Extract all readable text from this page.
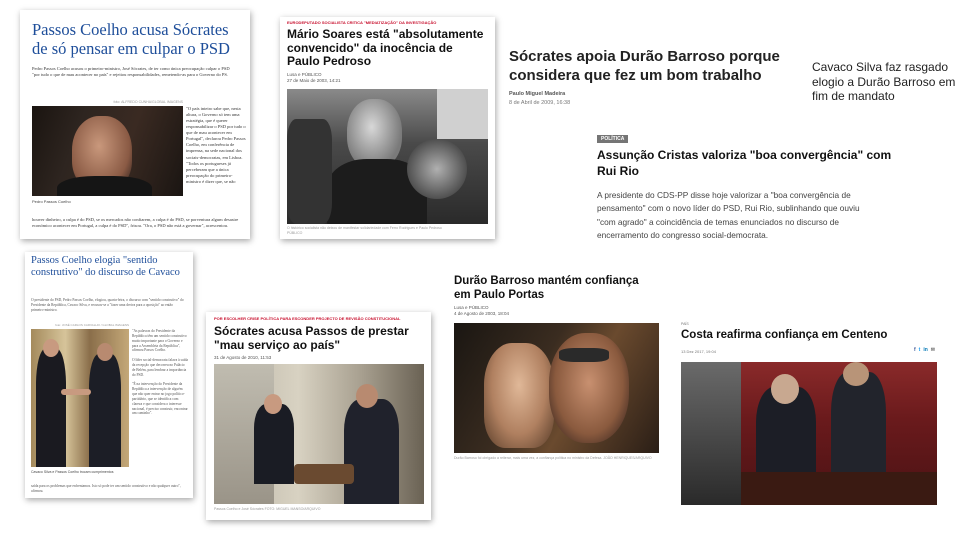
Passos Coelho acusa Sócrates de só pensar em culpar o PSD
Pedro Passos Coelho acusou o primeiro-ministro, José Sócrates, de ter como única preocupação culpar o PSD "por tudo o que de mau acontecer no país" e rejeitou responsabilidades, remetendo-as para o Governo do PS.
foto: ALFREDO CUNHA/GLOBAL IMAGENS
Pedro Passos Coelho
"O país inteiro sabe que, nesta altura, o Governo só tem uma estratégia, que é querer responsabilizar o PSD por tudo o que de mau acontecer em Portugal", declarou Pedro Passos Coelho, em conferência de imprensa, na sede nacional dos sociais-democratas, em Lisboa.
"Todos os portugueses já perceberam que a única preocupação do primeiro-ministro é dizer que, se não
houver dinheiro, a culpa é do PSD, se os mercados não confiarem, a culpa é do PSD, se porventura algum desastre económico acontecer em Portugal, a culpa é do PSD", frisou. "Ora, o PSD não está a governar", acrescentou.
EURODEPUTADO SOCIALISTA CRITICA "MEDIATIZAÇÃO" DA INVESTIGAÇÃO
Mário Soares está "absolutamente convencido" da inocência de Paulo Pedroso
Lusa e PÚBLICO
27 de Maio de 2003, 14:21
O histórico socialista não deixou de manifestar solidariedade com Ferro Rodrigues e Paulo Pedroso
PÚBLICO
Sócrates apoia Durão Barroso porque considera que fez um bom trabalho
Paulo Miguel Madeira
8 de Abril de 2009, 16:38
Cavaco Silva faz rasgado elogio a Durão Barroso em fim de mandato
POLÍTICA
Assunção Cristas valoriza "boa convergência" com Rui Rio
A presidente do CDS-PP disse hoje valorizar a "boa convergência de pensamento" com o novo líder do PSD, Rui Rio, sublinhando que ouviu "com agrado" a coincidência de temas enunciados no discurso de encerramento do congresso social-democrata.
Passos Coelho elogia "sentido construtivo" do discurso de Cavaco
O presidente do PSD, Pedro Passos Coelho, elogiou, quarta-feira, o discurso com "sentido construtivo" do Presidente da República, Cavaco Silva, e recusou-se a "fazer uma deriva para a oposição" ao então primeiro-ministro.
foto: JOSÉ CARLOS CARVALHO / GLOBAL IMAGENS
"As palavras do Presidente da República têm um sentido construtivo muito importante para o Governo e para a Assembleia da República", afirmou Passos Coelho.

O líder social-democrata falava à saída da recepção que decorreu no Palácio de Belém, para lembrar a importância do PSD.

"É na intervenção do Presidente da República a intervenção de alguém que não quer entrar no jogo político-partidário, que se identifica com clareza e que considera o interesse nacional, é preciso construir, encontrar um caminho".
Cavaco Silva e Passos Coelho trocam cumprimentos
saída para os problemas que enfrentamos. Isto só pode ter um sentido construtivo e não qualquer outro", afirmou.
POR ESCOLHER CRISE POLÍTICA PARA ESCONDER PROJECTO DE REVISÃO CONSTITUCIONAL
Sócrates acusa Passos de prestar "mau serviço ao país"
31 de Agosto de 2010, 11:53
Passos Coelho e José Sócrates FOTO: MIGUEL MANSO/ARQUIVO
Durão Barroso mantém confiança em Paulo Portas
Lusa e PÚBLICO
4 de Agosto de 2003, 18:04
Durão Barroso foi obrigado a reiterar, mais uma vez, a confiança política no ministro da Defesa. JOÃO HENRIQUES/ARQUIVO
PAÍS
Costa reafirma confiança em Centeno
13 Dez 2017, 19:04	f t in ✉
